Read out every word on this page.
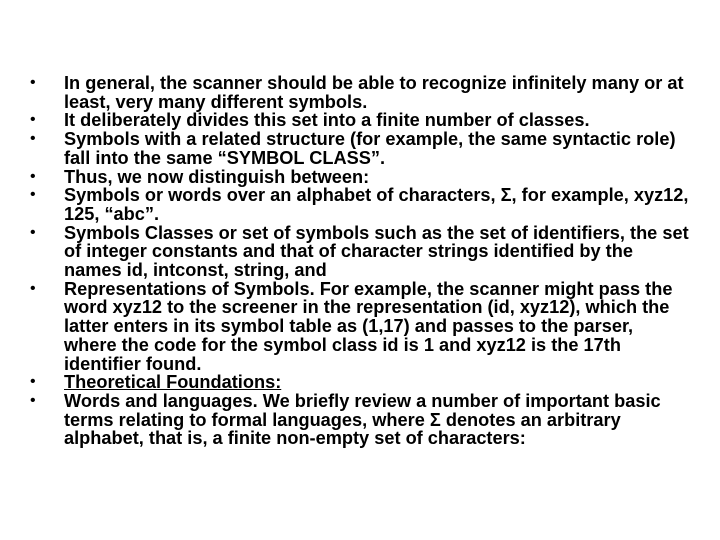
• In general, the scanner should be able to recognize infinitely many or at least, very many different symbols.
• It deliberately divides this set into a finite number of classes.
• Symbols with a related structure (for example, the same syntactic role) fall into the same “SYMBOL CLASS”.
• Thus, we now distinguish between:
• Symbols or words over an alphabet of characters, Σ, for example, xyz12, 125, “abc”.
• Symbols Classes or set of symbols such as the set of identifiers, the set of integer constants and that of character strings identified by the names id, intconst, string, and
• Representations of Symbols. For example, the scanner might pass the word xyz12 to the screener in the representation (id, xyz12), which the latter enters in its symbol table as (1,17) and passes to the parser, where the code for the symbol class id is 1 and xyz12 is the 17th identifier found.
• Theoretical Foundations:
• Words and languages. We briefly review a number of important basic terms relating to formal languages, where Σ denotes an arbitrary alphabet, that is, a finite non-empty set of characters:
